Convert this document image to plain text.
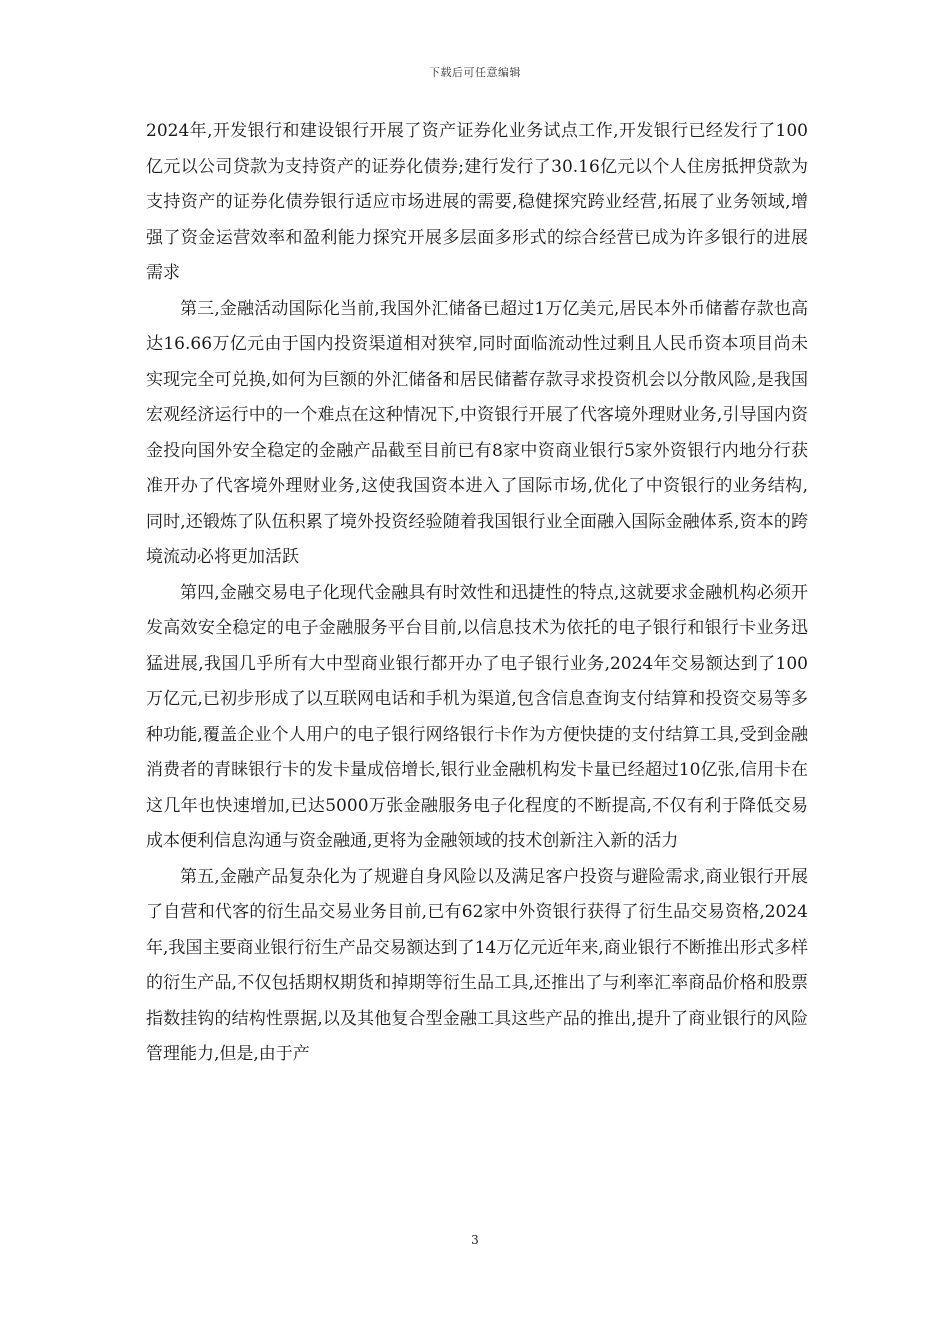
下载后可任意编辑

2024年,开发银行和建设银行开展了资产证券化业务试点工作,开发银行已经发行了100亿元以公司贷款为支持资产的证券化债券;建行发行了30.16亿元以个人住房抵押贷款为支持资产的证券化债券银行适应市场进展的需要,稳健探究跨业经营,拓展了业务领域,增强了资金运营效率和盈利能力探究开展多层面多形式的综合经营已成为许多银行的进展需求

第三,金融活动国际化当前,我国外汇储备已超过1万亿美元,居民本外币储蓄存款也高达16.66万亿元由于国内投资渠道相对狭窄,同时面临流动性过剩且人民币资本项目尚未实现完全可兑换,如何为巨额的外汇储备和居民储蓄存款寻求投资机会以分散风险,是我国宏观经济运行中的一个难点在这种情况下,中资银行开展了代客境外理财业务,引导国内资金投向国外安全稳定的金融产品截至目前已有8家中资商业银行5家外资银行内地分行获准开办了代客境外理财业务,这使我国资本进入了国际市场,优化了中资银行的业务结构,同时,还锻炼了队伍积累了境外投资经验随着我国银行业全面融入国际金融体系,资本的跨境流动必将更加活跃

第四,金融交易电子化现代金融具有时效性和迅捷性的特点,这就要求金融机构必须开发高效安全稳定的电子金融服务平台目前,以信息技术为依托的电子银行和银行卡业务迅猛进展,我国几乎所有大中型商业银行都开办了电子银行业务,2024年交易额达到了100万亿元,已初步形成了以互联网电话和手机为渠道,包含信息查询支付结算和投资交易等多种功能,覆盖企业个人用户的电子银行网络银行卡作为方便快捷的支付结算工具,受到金融消费者的青睐银行卡的发卡量成倍增长,银行业金融机构发卡量已经超过10亿张,信用卡在这几年也快速增加,已达5000万张金融服务电子化程度的不断提高,不仅有利于降低交易成本便利信息沟通与资金融通,更将为金融领域的技术创新注入新的活力

第五,金融产品复杂化为了规避自身风险以及满足客户投资与避险需求,商业银行开展了自营和代客的衍生品交易业务目前,已有62家中外资银行获得了衍生品交易资格,2024年,我国主要商业银行衍生产品交易额达到了14万亿元近年来,商业银行不断推出形式多样的衍生产品,不仅包括期权期货和掉期等衍生品工具,还推出了与利率汇率商品价格和股票指数挂钩的结构性票据,以及其他复合型金融工具这些产品的推出,提升了商业银行的风险管理能力,但是,由于产

3
